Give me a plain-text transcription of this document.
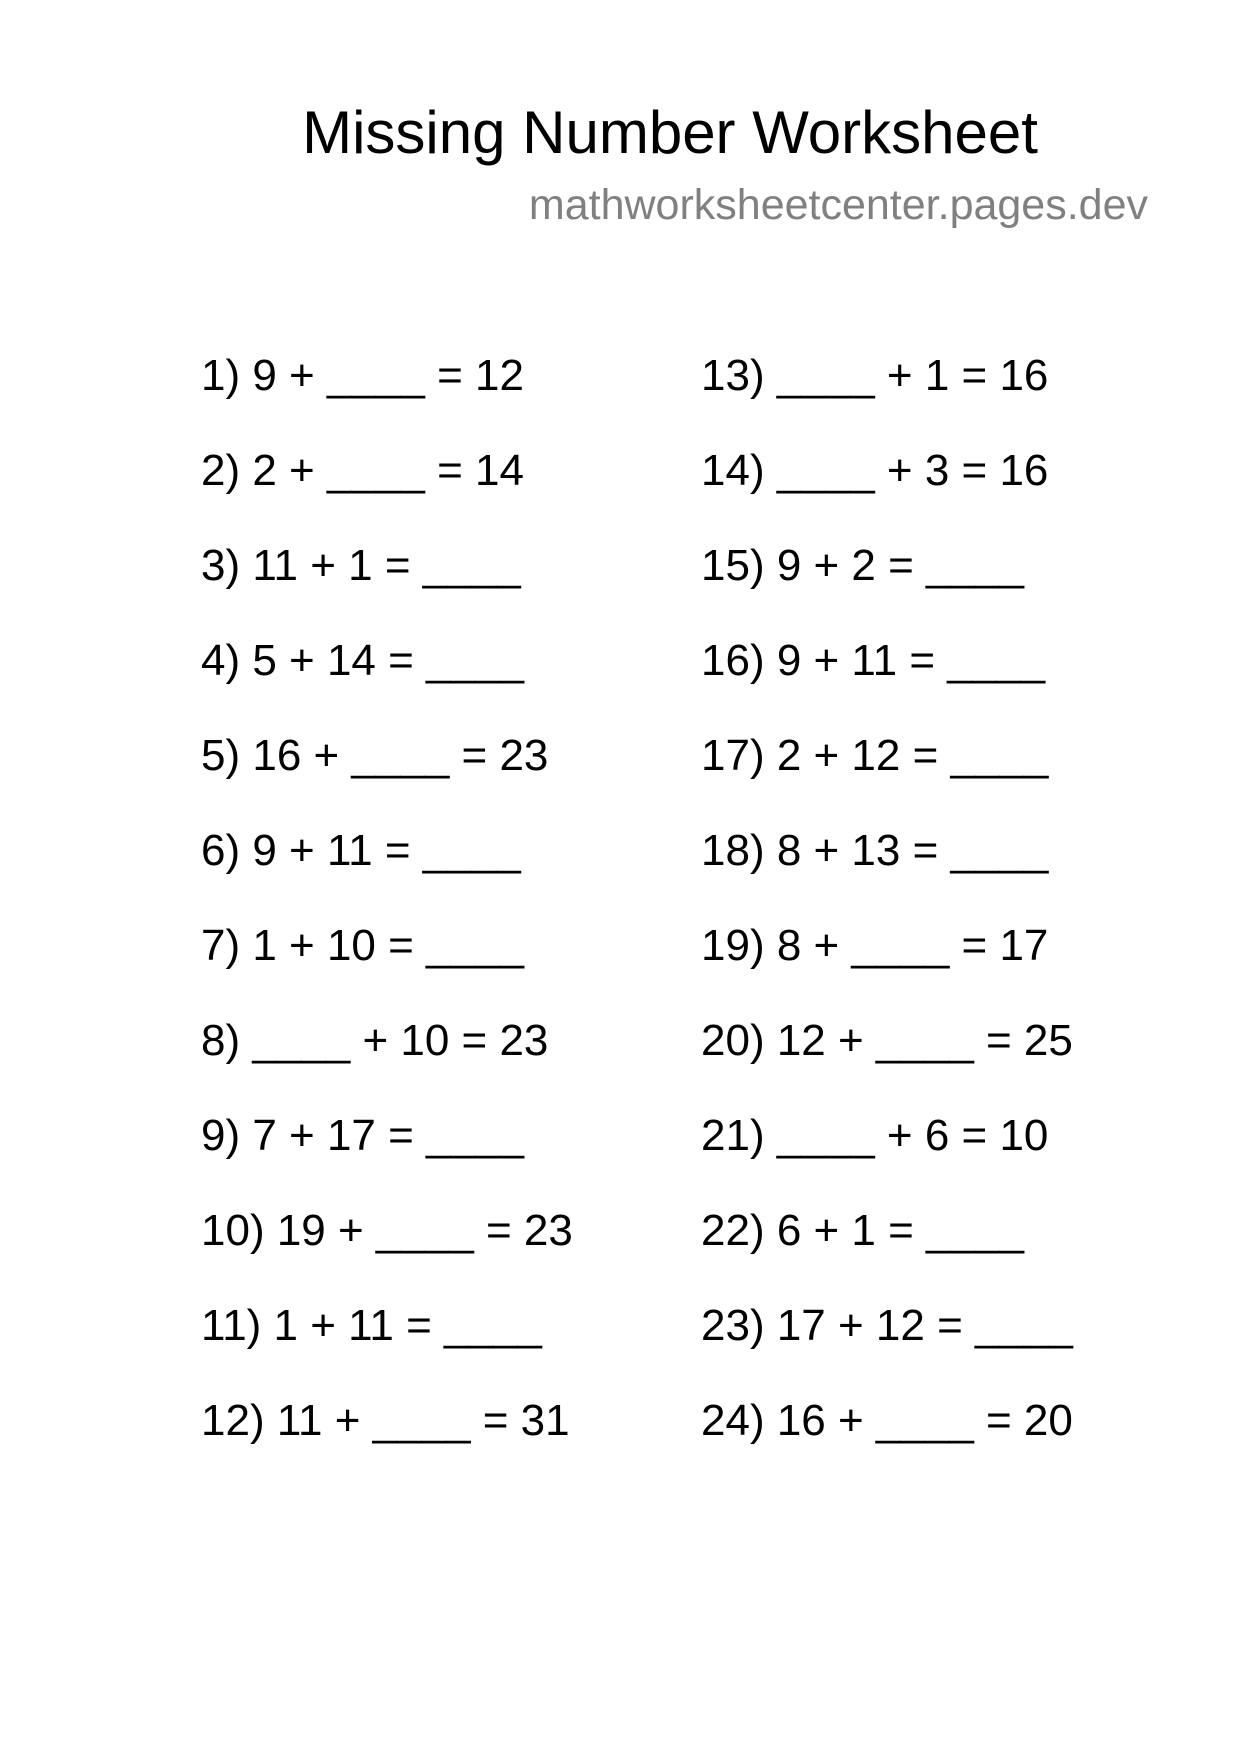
Missing Number Worksheet
mathworksheetcenter.pages.dev
1) 9 + ____ = 12
2) 2 + ____ = 14
3) 11 + 1 = ____
4) 5 + 14 = ____
5) 16 + ____ = 23
6) 9 + 11 = ____
7) 1 + 10 = ____
8) ____ + 10 = 23
9) 7 + 17 = ____
10) 19 + ____ = 23
11) 1 + 11 = ____
12) 11 + ____ = 31
13) ____ + 1 = 16
14) ____ + 3 = 16
15) 9 + 2 = ____
16) 9 + 11 = ____
17) 2 + 12 = ____
18) 8 + 13 = ____
19) 8 + ____ = 17
20) 12 + ____ = 25
21) ____ + 6 = 10
22) 6 + 1 = ____
23) 17 + 12 = ____
24) 16 + ____ = 20
